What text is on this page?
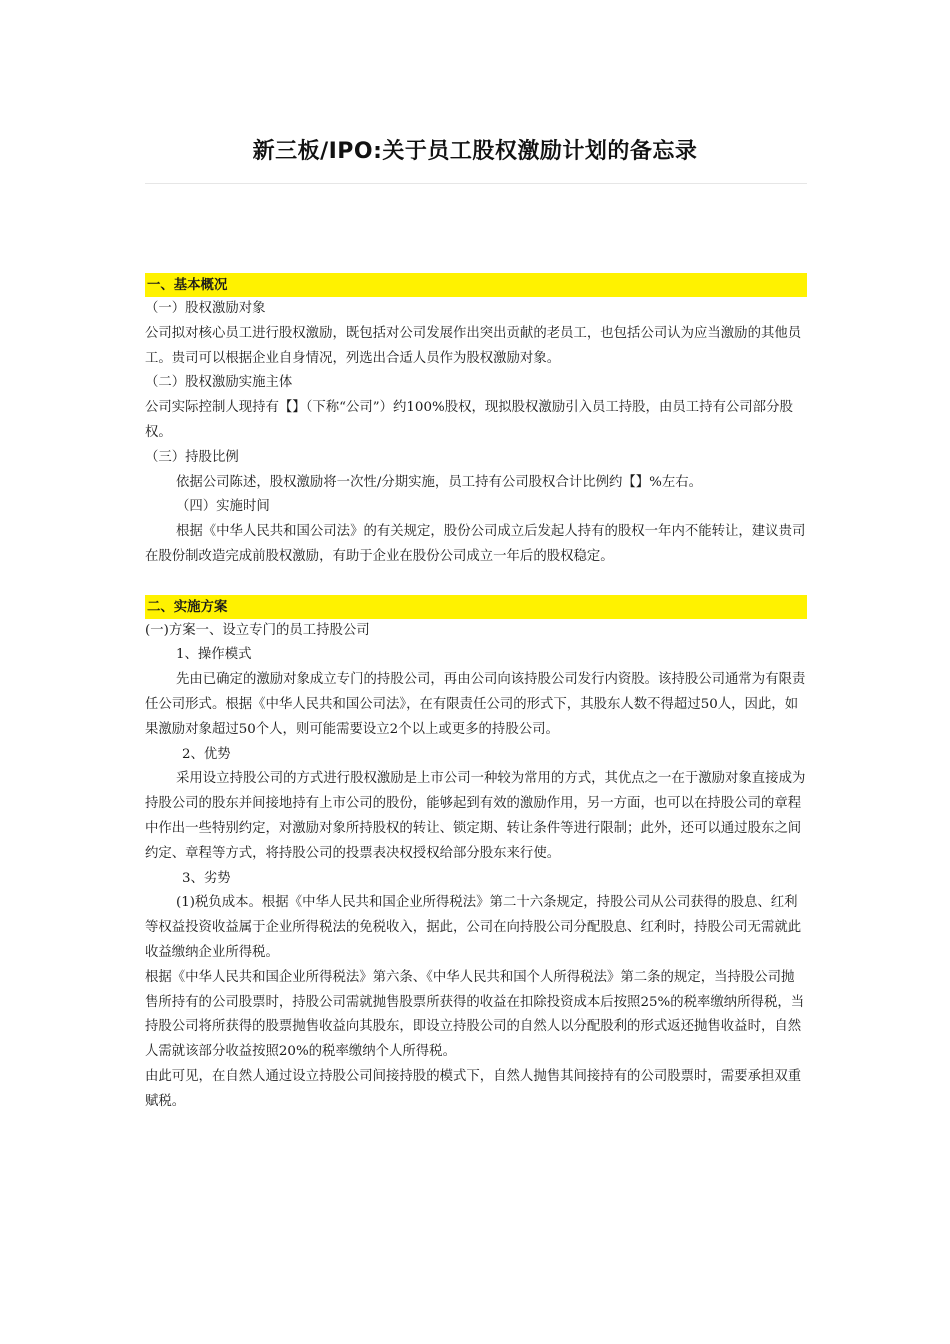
新三板/IPO:关于员工股权激励计划的备忘录

一、基本概况

（一）股权激励对象

公司拟对核心员工进行股权激励，既包括对公司发展作出突出贡献的老员工，也包括公司认为应当激励的其他员工。贵司可以根据企业自身情况，列选出合适人员作为股权激励对象。

（二）股权激励实施主体

公司实际控制人现持有【】（下称“公司”）约100%股权，现拟股权激励引入员工持股，由员工持有公司部分股权。

（三）持股比例

依据公司陈述，股权激励将一次性/分期实施，员工持有公司股权合计比例约【】%左右。

（四）实施时间

根据《中华人民共和国公司法》的有关规定，股份公司成立后发起人持有的股权一年内不能转让，建议贵司在股份制改造完成前股权激励，有助于企业在股份公司成立一年后的股权稳定。

二、实施方案

(一)方案一、设立专门的员工持股公司

1、操作模式

先由已确定的激励对象成立专门的持股公司，再由公司向该持股公司发行内资股。该持股公司通常为有限责任公司形式。根据《中华人民共和国公司法》，在有限责任公司的形式下，其股东人数不得超过50人，因此，如果激励对象超过50个人，则可能需要设立2个以上或更多的持股公司。

2、优势

采用设立持股公司的方式进行股权激励是上市公司一种较为常用的方式，其优点之一在于激励对象直接成为持股公司的股东并间接地持有上市公司的股份，能够起到有效的激励作用，另一方面，也可以在持股公司的章程中作出一些特别约定，对激励对象所持股权的转让、锁定期、转让条件等进行限制；此外，还可以通过股东之间约定、章程等方式，将持股公司的投票表决权授权给部分股东来行使。

3、劣势

(1)税负成本。根据《中华人民共和国企业所得税法》第二十六条规定，持股公司从公司获得的股息、红利等权益投资收益属于企业所得税法的免税收入，据此，公司在向持股公司分配股息、红利时，持股公司无需就此收益缴纳企业所得税。

根据《中华人民共和国企业所得税法》第六条、《中华人民共和国个人所得税法》第二条的规定，当持股公司抛售所持有的公司股票时，持股公司需就抛售股票所获得的收益在扣除投资成本后按照25%的税率缴纳所得税，当持股公司将所获得的股票抛售收益向其股东，即设立持股公司的自然人以分配股利的形式返还抛售收益时，自然人需就该部分收益按照20%的税率缴纳个人所得税。

由此可见，在自然人通过设立持股公司间接持股的模式下，自然人抛售其间接持有的公司股票时，需要承担双重赋税。
